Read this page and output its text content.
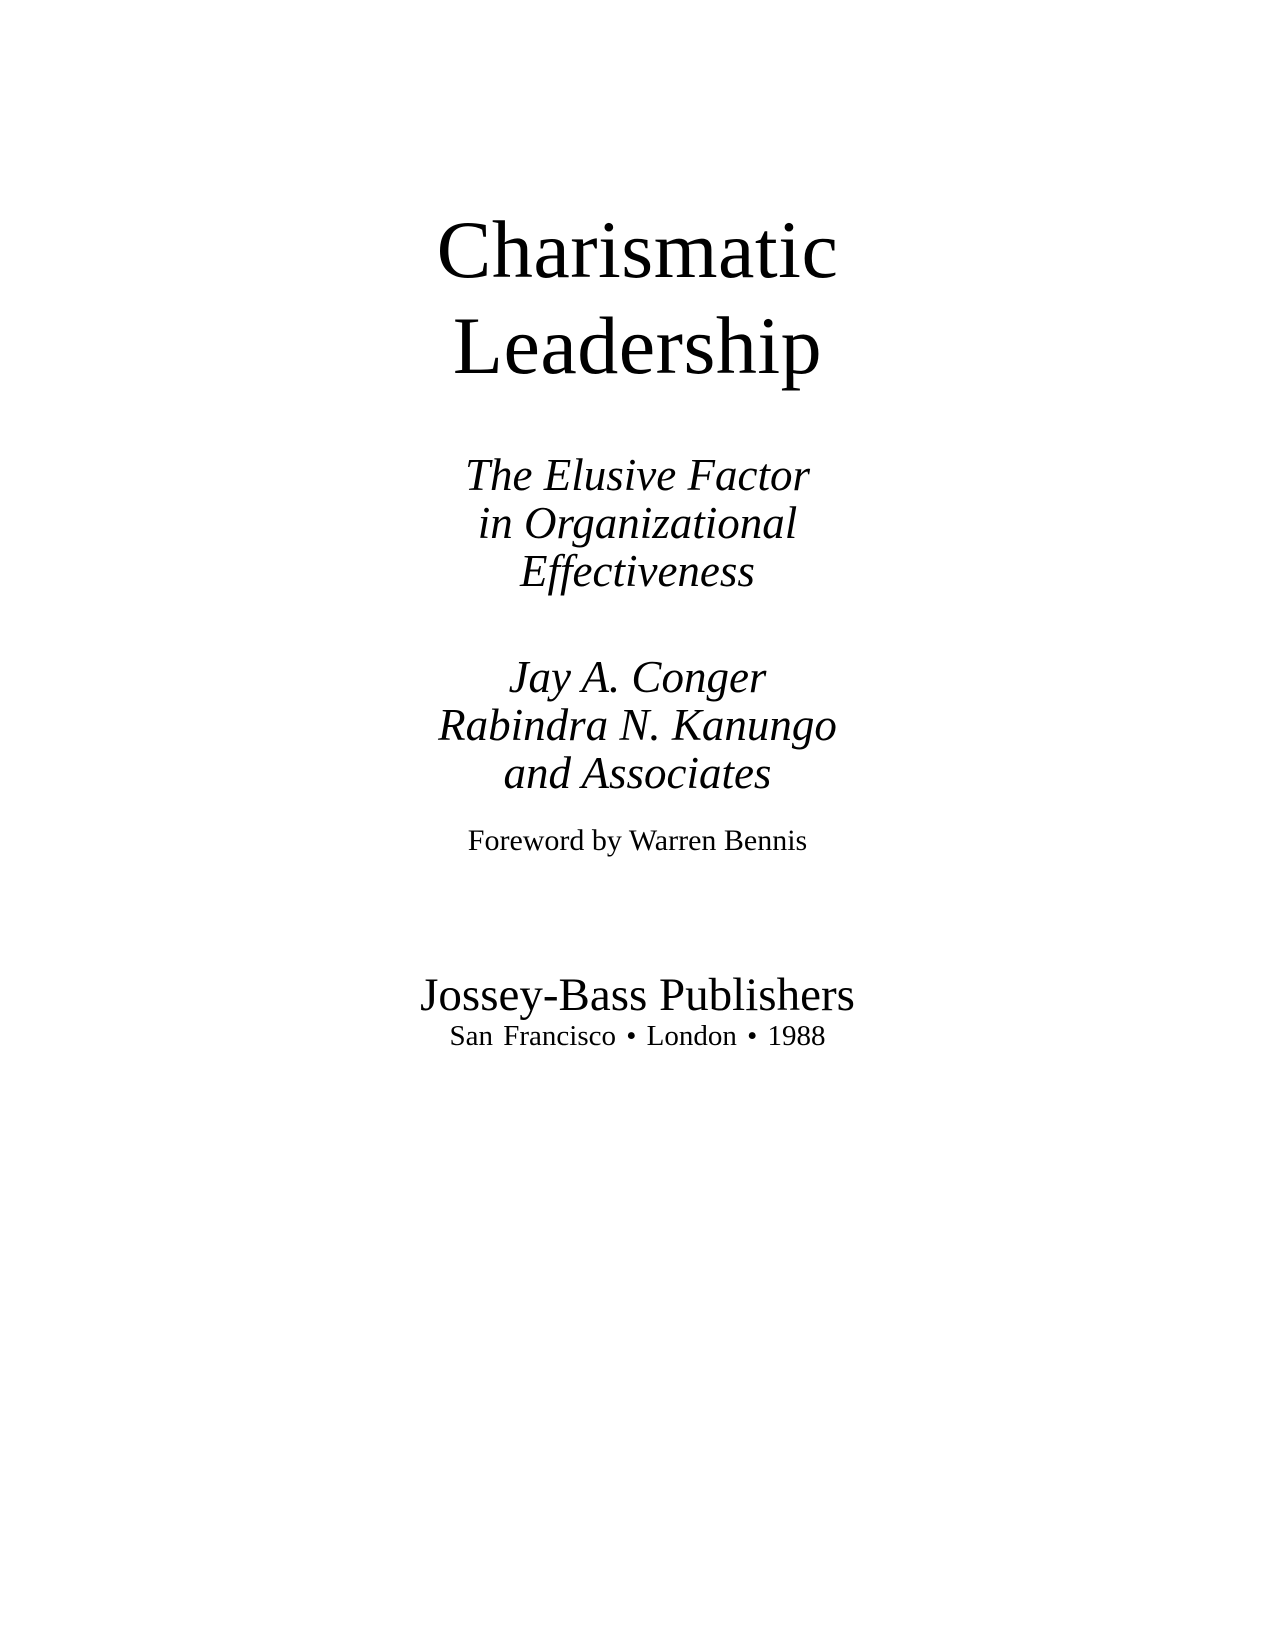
Charismatic
Leadership
The Elusive Factor
in Organizational
Effectiveness
Jay A. Conger
Rabindra N. Kanungo
and Associates
Foreword by Warren Bennis
Jossey-Bass Publishers
San Francisco • London • 1988
